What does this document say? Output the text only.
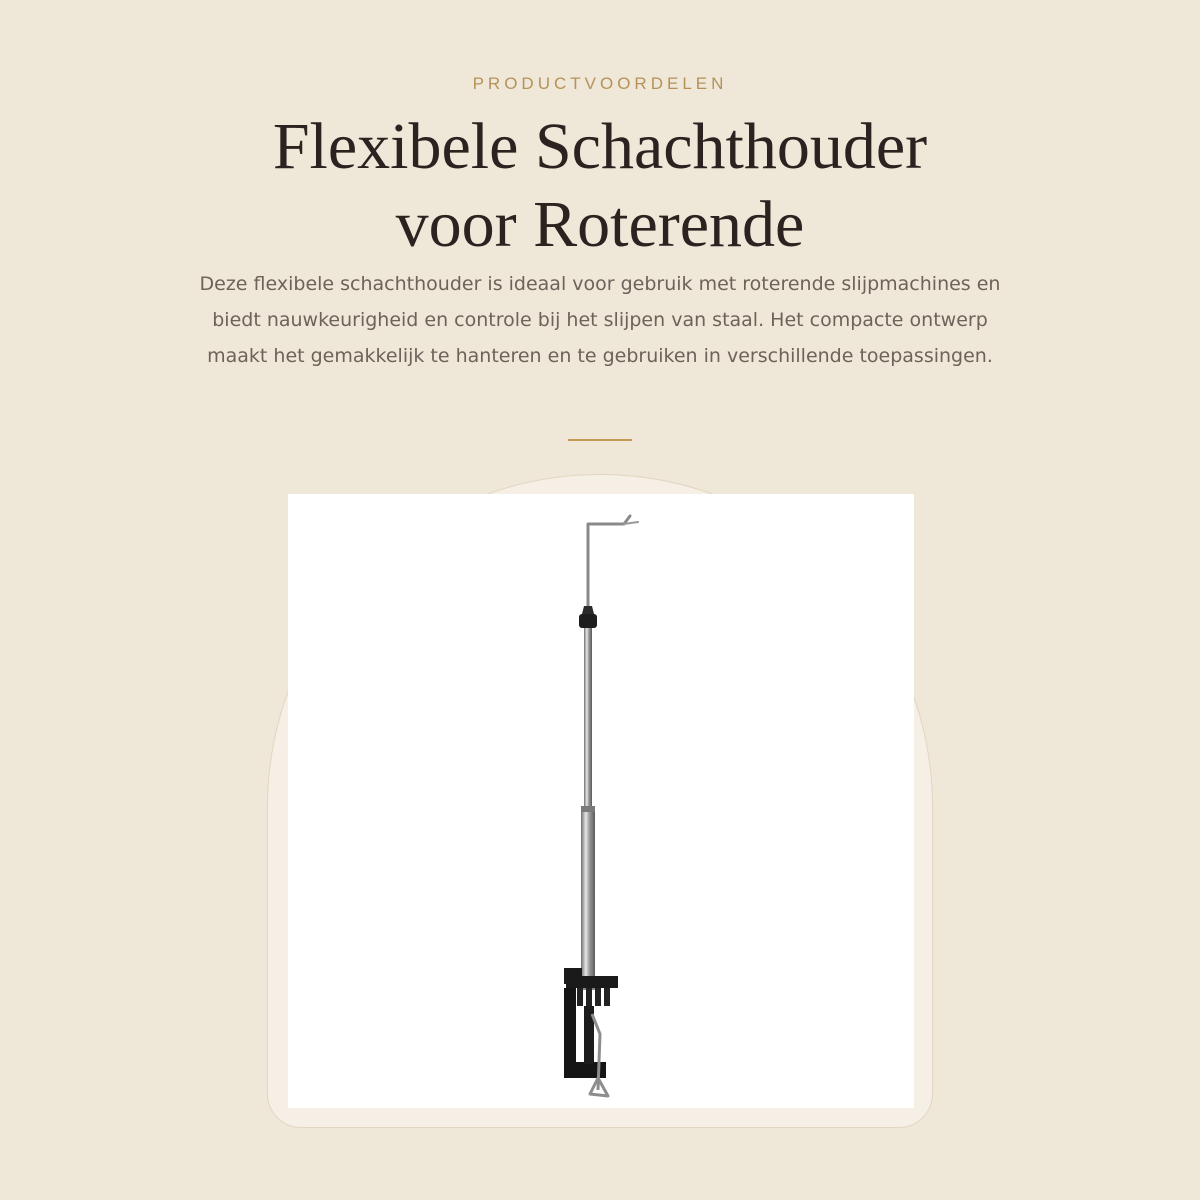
PRODUCTVOORDELEN
Flexibele Schachthouder
voor Roterende

Deze flexibele schachthouder is ideaal voor gebruik met roterende slijpmachines en biedt nauwkeurigheid en controle bij het slijpen van staal. Het compacte ontwerp maakt het gemakkelijk te hanteren en te gebruiken in verschillende toepassingen.
